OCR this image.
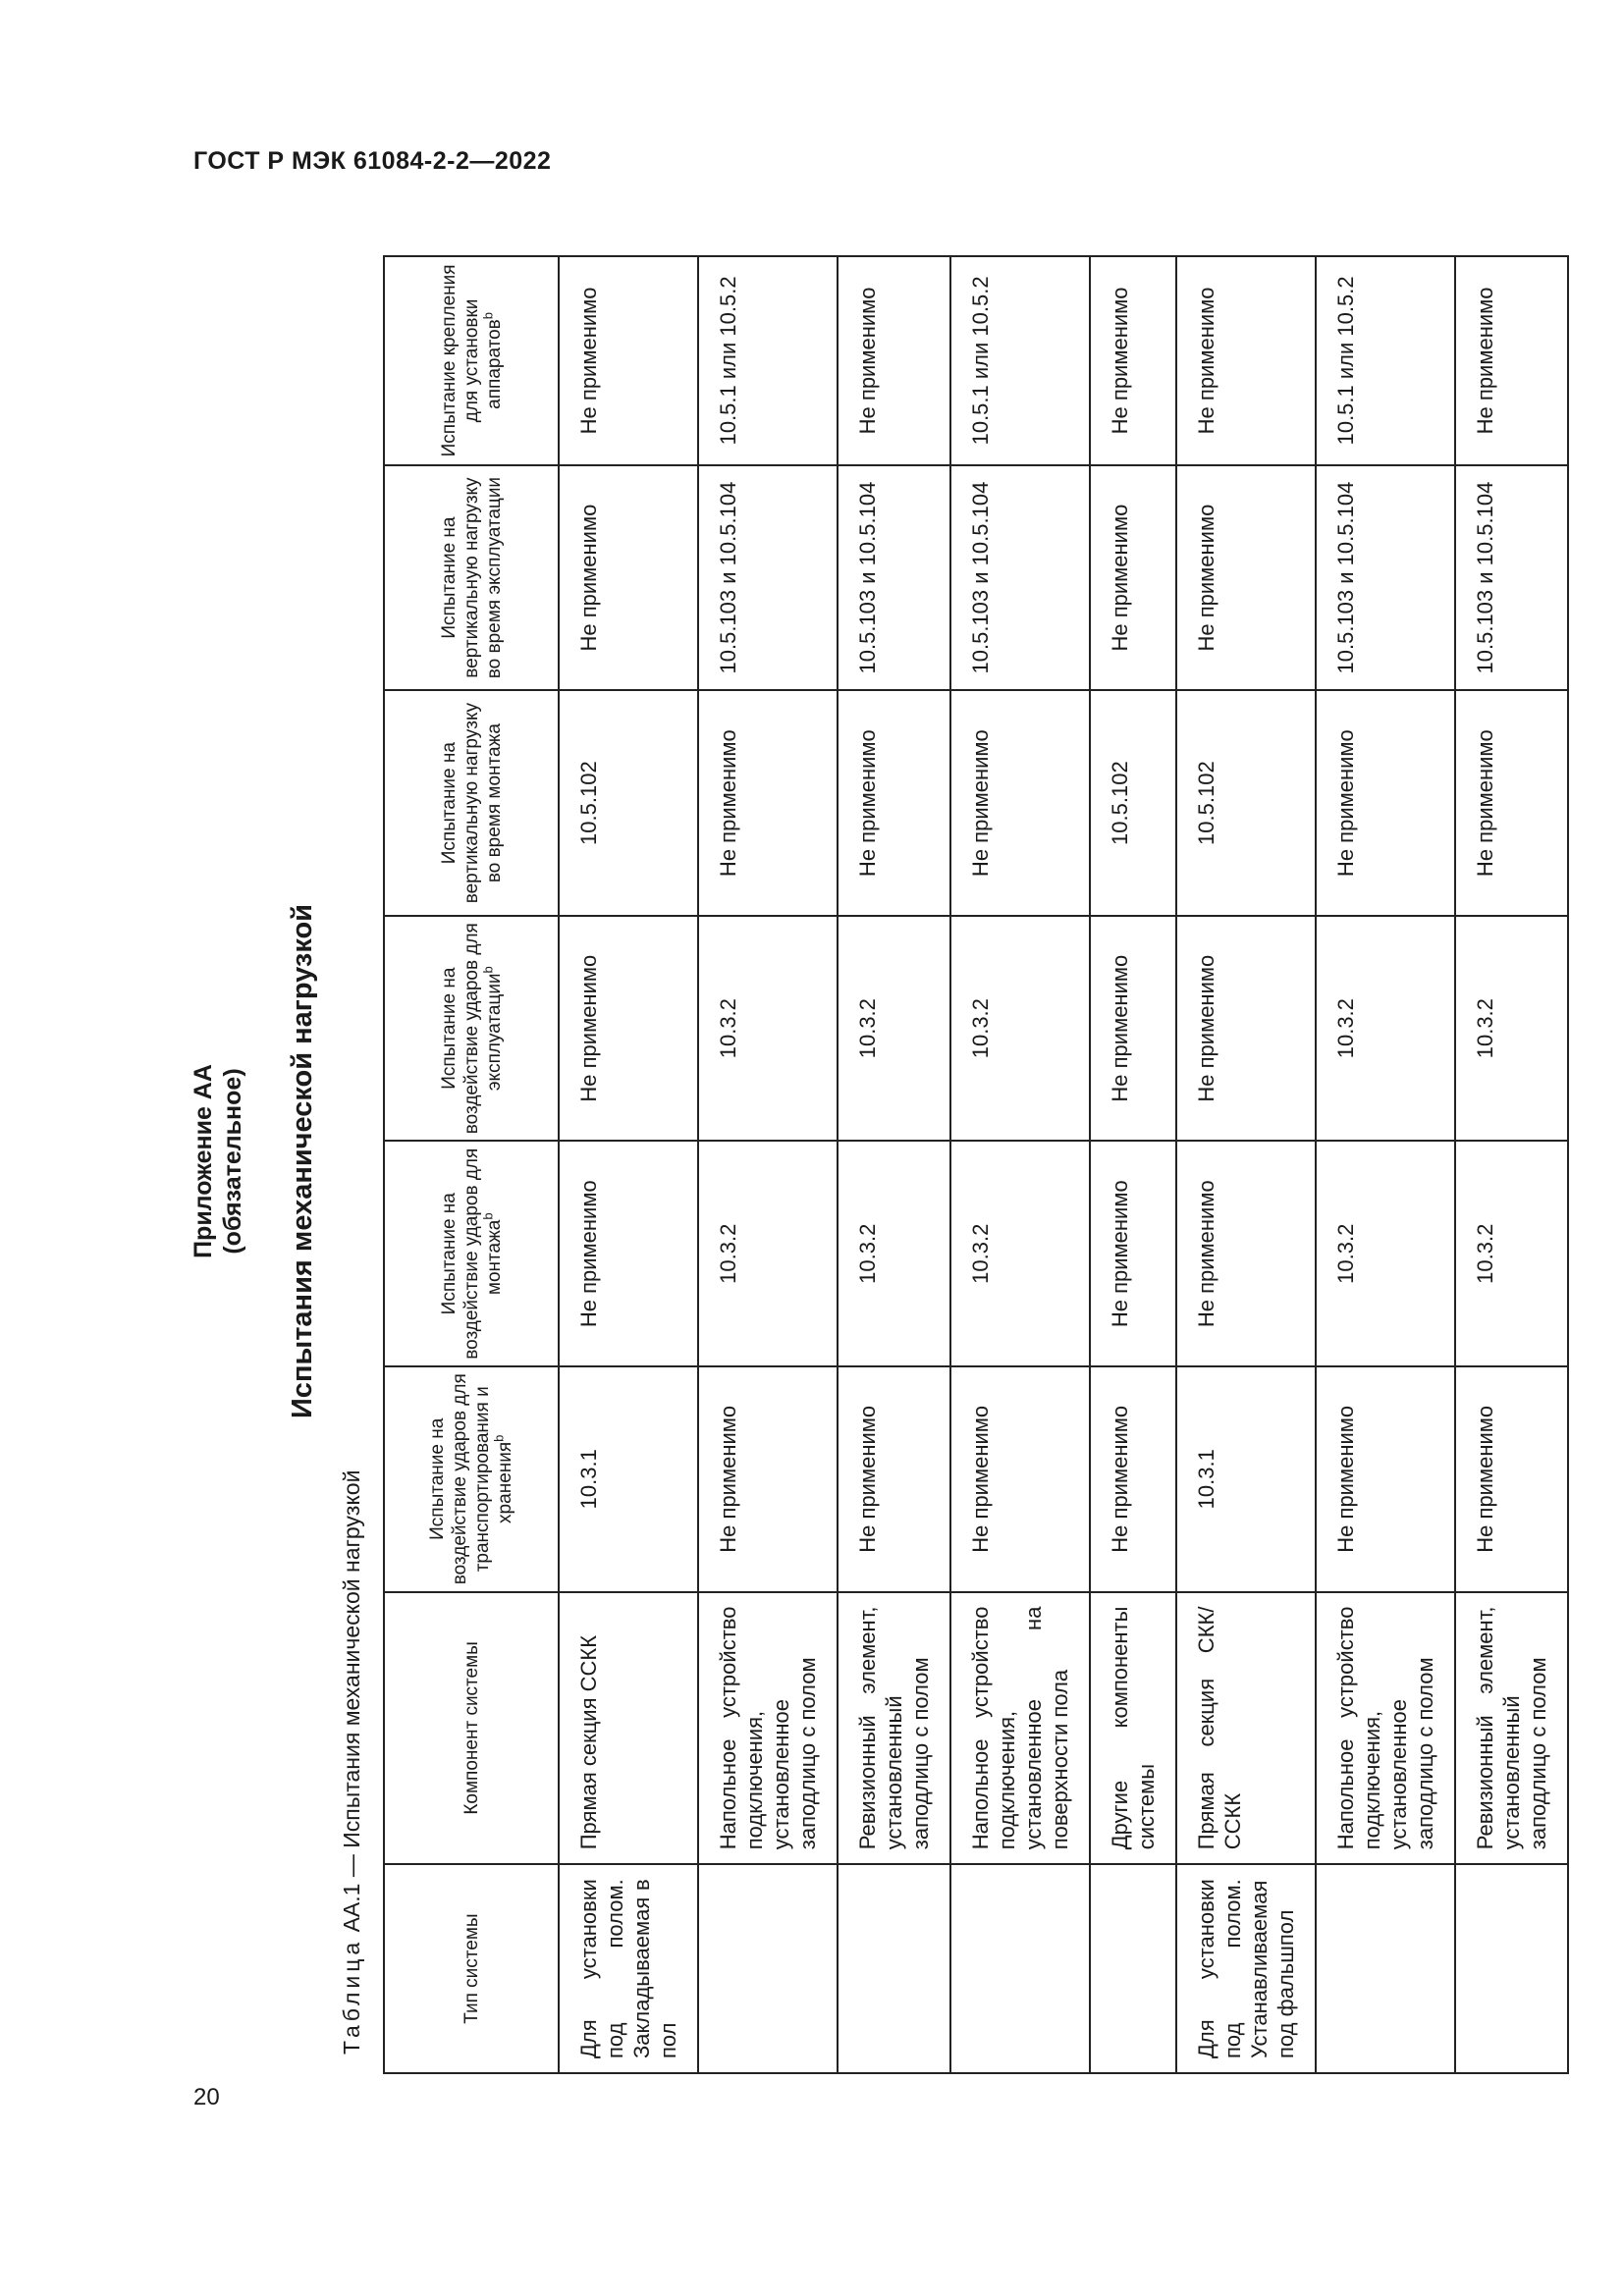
ГОСТ Р МЭК 61084-2-2—2022
20
Приложение АА (обязательное) Испытания механической нагрузкой
Таблица АА.1 — Испытания механической нагрузкой
Тип системы	Компонент системы	Испытание на воздействие ударов для транспортирования и хранения$^b$	Испытание на воздействие ударов для монтажа$^b$	Испытание на воздействие ударов для эксплуатации$^b$	Испытание на вертикальную нагрузку во время монтажа	Испытание на вертикальную нагрузку во время эксплуатации	Испытание крепления для установки аппаратов$^b$
Для установки под полом. Закладываемая в пол	Прямая секция ССКК	10.3.1	Не применимо	Не применимо	10.5.102	Не применимо	Не применимо
	Напольное устройство подключения, установленное заподлицо с полом	Не применимо	10.3.2	10.3.2	Не применимо	10.5.103 и 10.5.104	10.5.1 или 10.5.2
	Ревизионный элемент, установленный заподлицо с полом	Не применимо	10.3.2	10.3.2	Не применимо	10.5.103 и 10.5.104	Не применимо
	Напольное устройство подключения, установленное на поверхности пола	Не применимо	10.3.2	10.3.2	Не применимо	10.5.103 и 10.5.104	10.5.1 или 10.5.2
	Другие компоненты системы	Не применимо	Не применимо	Не применимо	10.5.102	Не применимо	Не применимо
Для установки под полом. Устанавливаемая под фальшпол	Прямая секция СКК/ССКК	10.3.1	Не применимо	Не применимо	10.5.102	Не применимо	Не применимо
	Напольное устройство подключения, установленное заподлицо с полом	Не применимо	10.3.2	10.3.2	Не применимо	10.5.103 и 10.5.104	10.5.1 или 10.5.2
	Ревизионный элемент, установленный заподлицо с полом	Не применимо	10.3.2	10.3.2	Не применимо	10.5.103 и 10.5.104	Не применимо
